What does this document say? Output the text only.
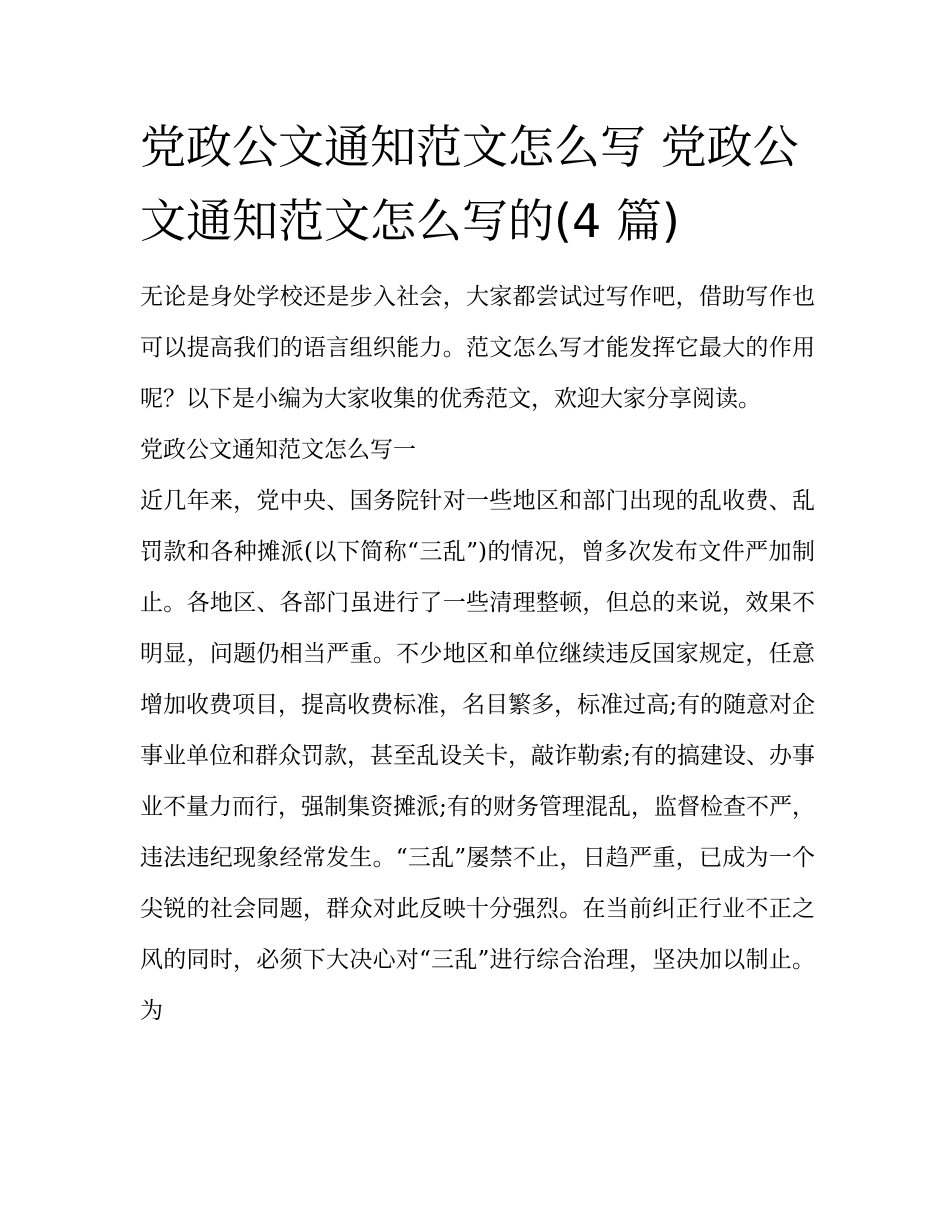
党政公文通知范文怎么写 党政公文通知范文怎么写的(4 篇)

无论是身处学校还是步入社会，大家都尝试过写作吧，借助写作也可以提高我们的语言组织能力。范文怎么写才能发挥它最大的作用呢？以下是小编为大家收集的优秀范文，欢迎大家分享阅读。

党政公文通知范文怎么写一

近几年来，党中央、国务院针对一些地区和部门出现的乱收费、乱罚款和各种摊派(以下简称“三乱”)的情况，曾多次发布文件严加制止。各地区、各部门虽进行了一些清理整顿，但总的来说，效果不明显，问题仍相当严重。不少地区和单位继续违反国家规定，任意增加收费项目，提高收费标准，名目繁多，标准过高;有的随意对企事业单位和群众罚款，甚至乱设关卡，敲诈勒索;有的搞建设、办事业不量力而行，强制集资摊派;有的财务管理混乱，监督检查不严，违法违纪现象经常发生。“三乱”屡禁不止，日趋严重，已成为一个尖锐的社会同题，群众对此反映十分强烈。在当前纠正行业不正之风的同时，必须下大决心对“三乱”进行综合治理，坚决加以制止。为
